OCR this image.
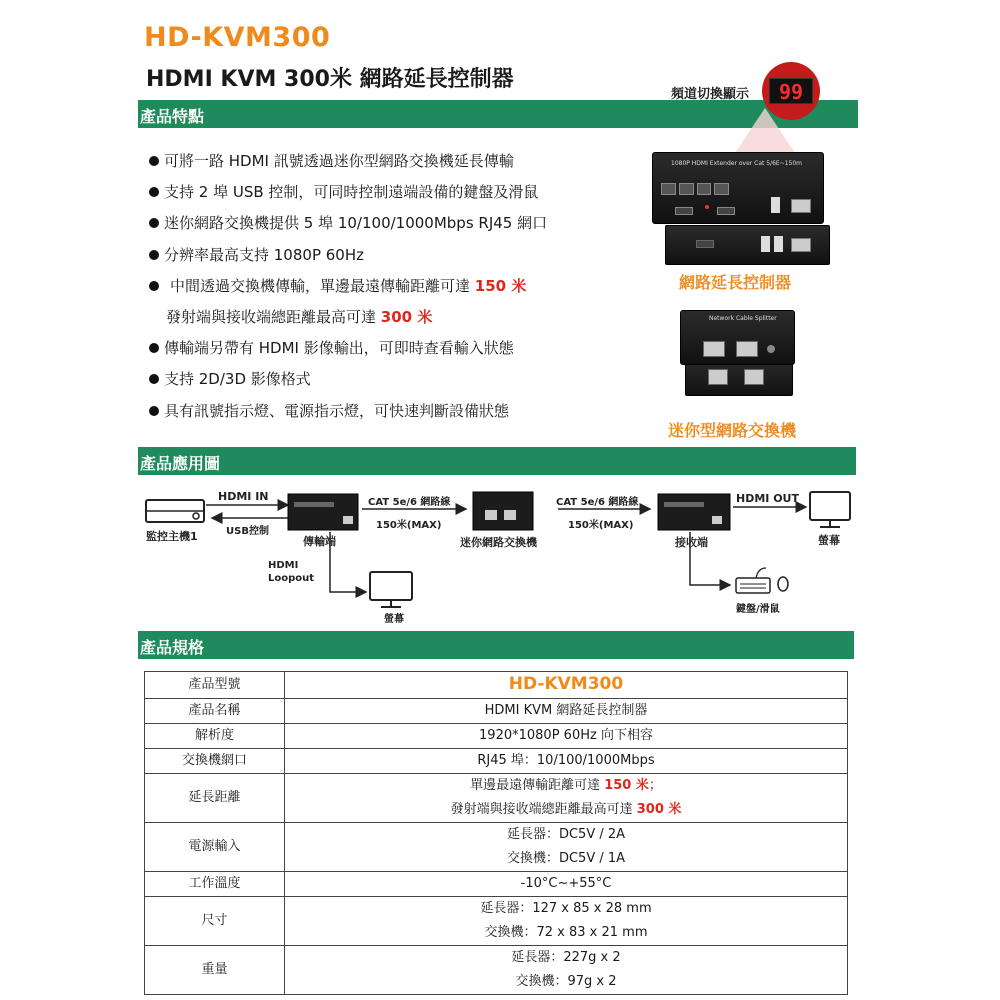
HD-KVM300
HDMI KVM 300米 網路延長控制器
產品特點
可將一路 HDMI 訊號透過迷你型網路交換機延長傳輸
支持 2 埠 USB 控制，可同時控制遠端設備的鍵盤及滑鼠
迷你網路交換機提供 5 埠 10/100/1000Mbps RJ45 網口
分辨率最高支持 1080P 60Hz
中間透過交換機傳輸，單邊最遠傳輸距離可達 150 米
發射端與接收端總距離最高可達 300 米
傳輸端另帶有 HDMI 影像輸出，可即時查看輸入狀態
支持 2D/3D 影像格式
具有訊號指示燈、電源指示燈，可快速判斷設備狀態
頻道切換顯示	99
1080P HDMI Extender over Cat 5/6E~150m
網路延長控制器
Network Cable Splitter
迷你型網路交換機
產品應用圖
監控主機1
HDMI IN
USB控制
傳輸端
CAT 5e/6 網路線
150米(MAX)
迷你網路交換機
CAT 5e/6 網路線
150米(MAX)
接收端
HDMI OUT
螢幕
HDMI
Loopout
螢幕
鍵盤/滑鼠
產品規格
產品型號	HD-KVM300
產品名稱	HDMI KVM 網路延長控制器
解析度	1920*1080P 60Hz 向下相容
交換機網口	RJ45 埠：10/100/1000Mbps
延長距離	單邊最遠傳輸距離可達 150 米；
發射端與接收端總距離最高可達 300 米

電源輸入	延長器：DC5V / 2A
交換機：DC5V / 1A

工作溫度	-10°C~+55°C
尺寸	延長器：127 x 85 x 28 mm
交換機：72 x 83 x 21 mm

重量	延長器：227g x 2
交換機：97g x 2
